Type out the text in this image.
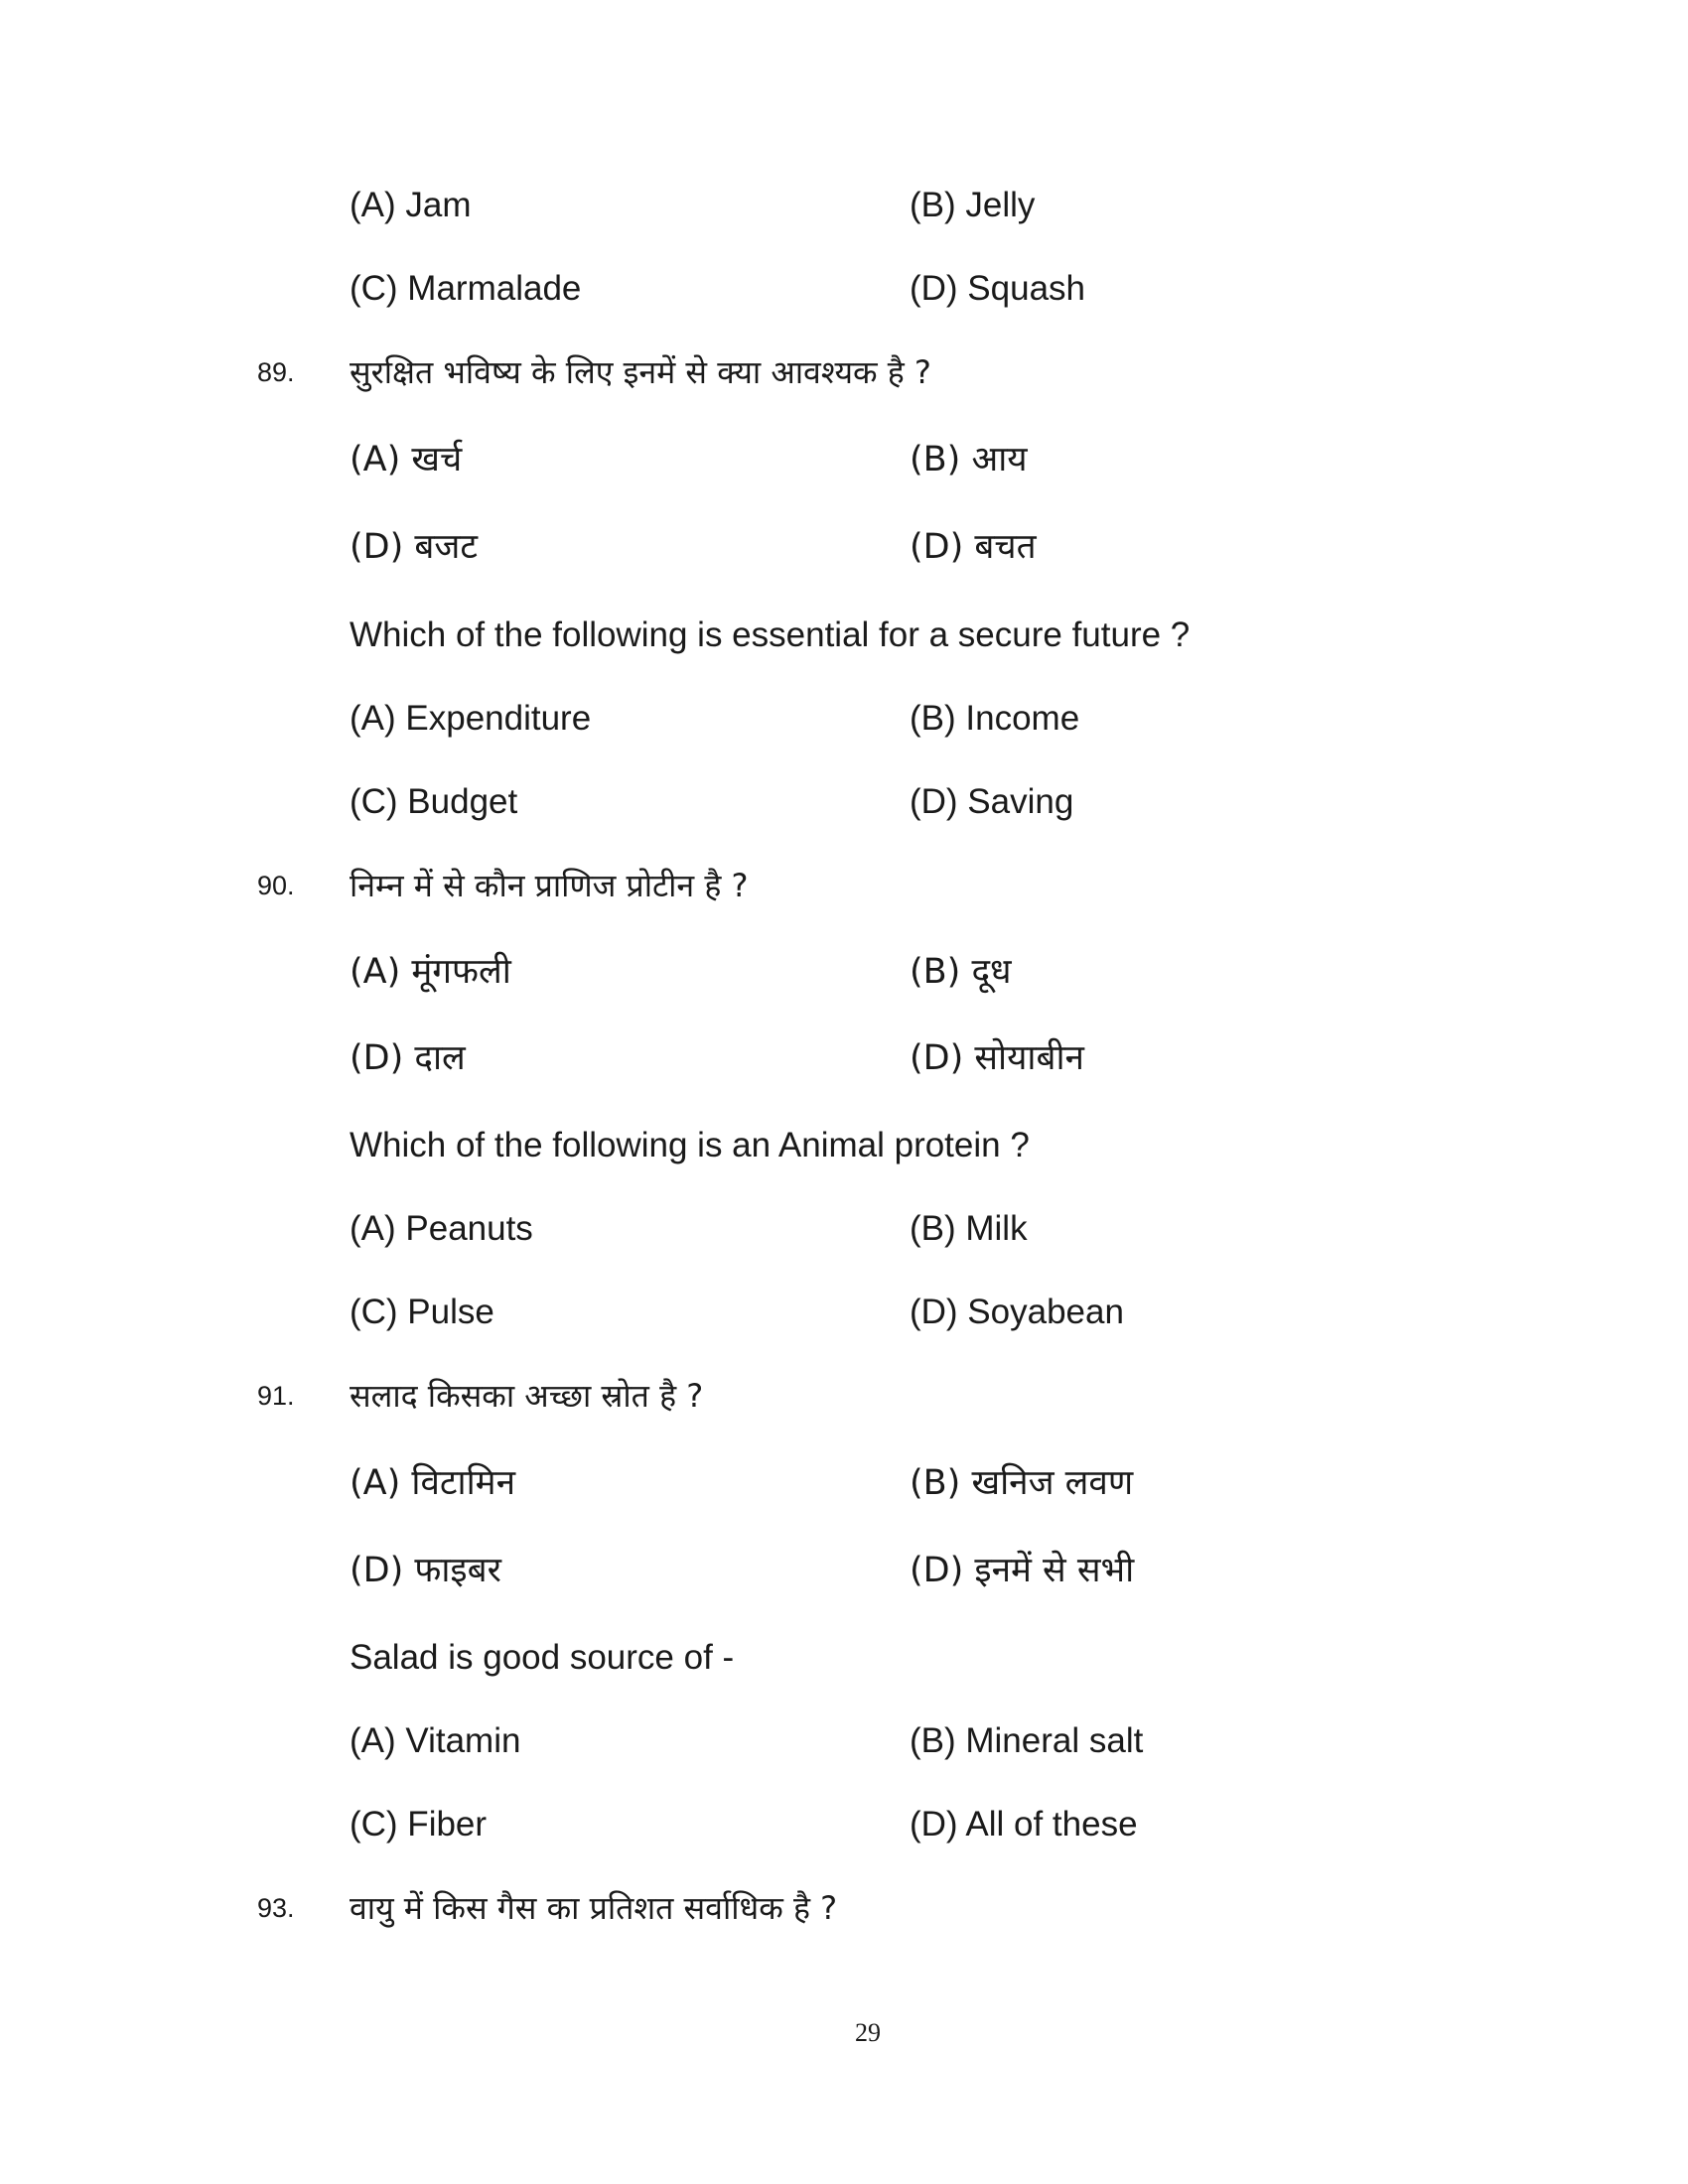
(A) Jam	(B) Jelly
(C) Marmalade	(D) Squash
89. सुरक्षित भविष्य के लिए इनमें से क्या आवश्यक है ?
(A) खर्च	(B) आय
(D) बजट	(D) बचत
Which of the following is essential for a secure future ?
(A) Expenditure	(B) Income
(C) Budget	(D) Saving
90. निम्न में से कौन प्राणिज प्रोटीन है ?
(A) मूंगफली	(B) दूध
(D) दाल	(D) सोयाबीन
Which of the following is an Animal protein ?
(A) Peanuts	(B) Milk
(C) Pulse	(D) Soyabean
91. सलाद किसका अच्छा स्रोत है ?
(A) विटामिन	(B) खनिज लवण
(D) फाइबर	(D) इनमें से सभी
Salad is good source of -
(A) Vitamin	(B) Mineral salt
(C) Fiber	(D) All of these
93. वायु में किस गैस का प्रतिशत सर्वाधिक है ?
29
